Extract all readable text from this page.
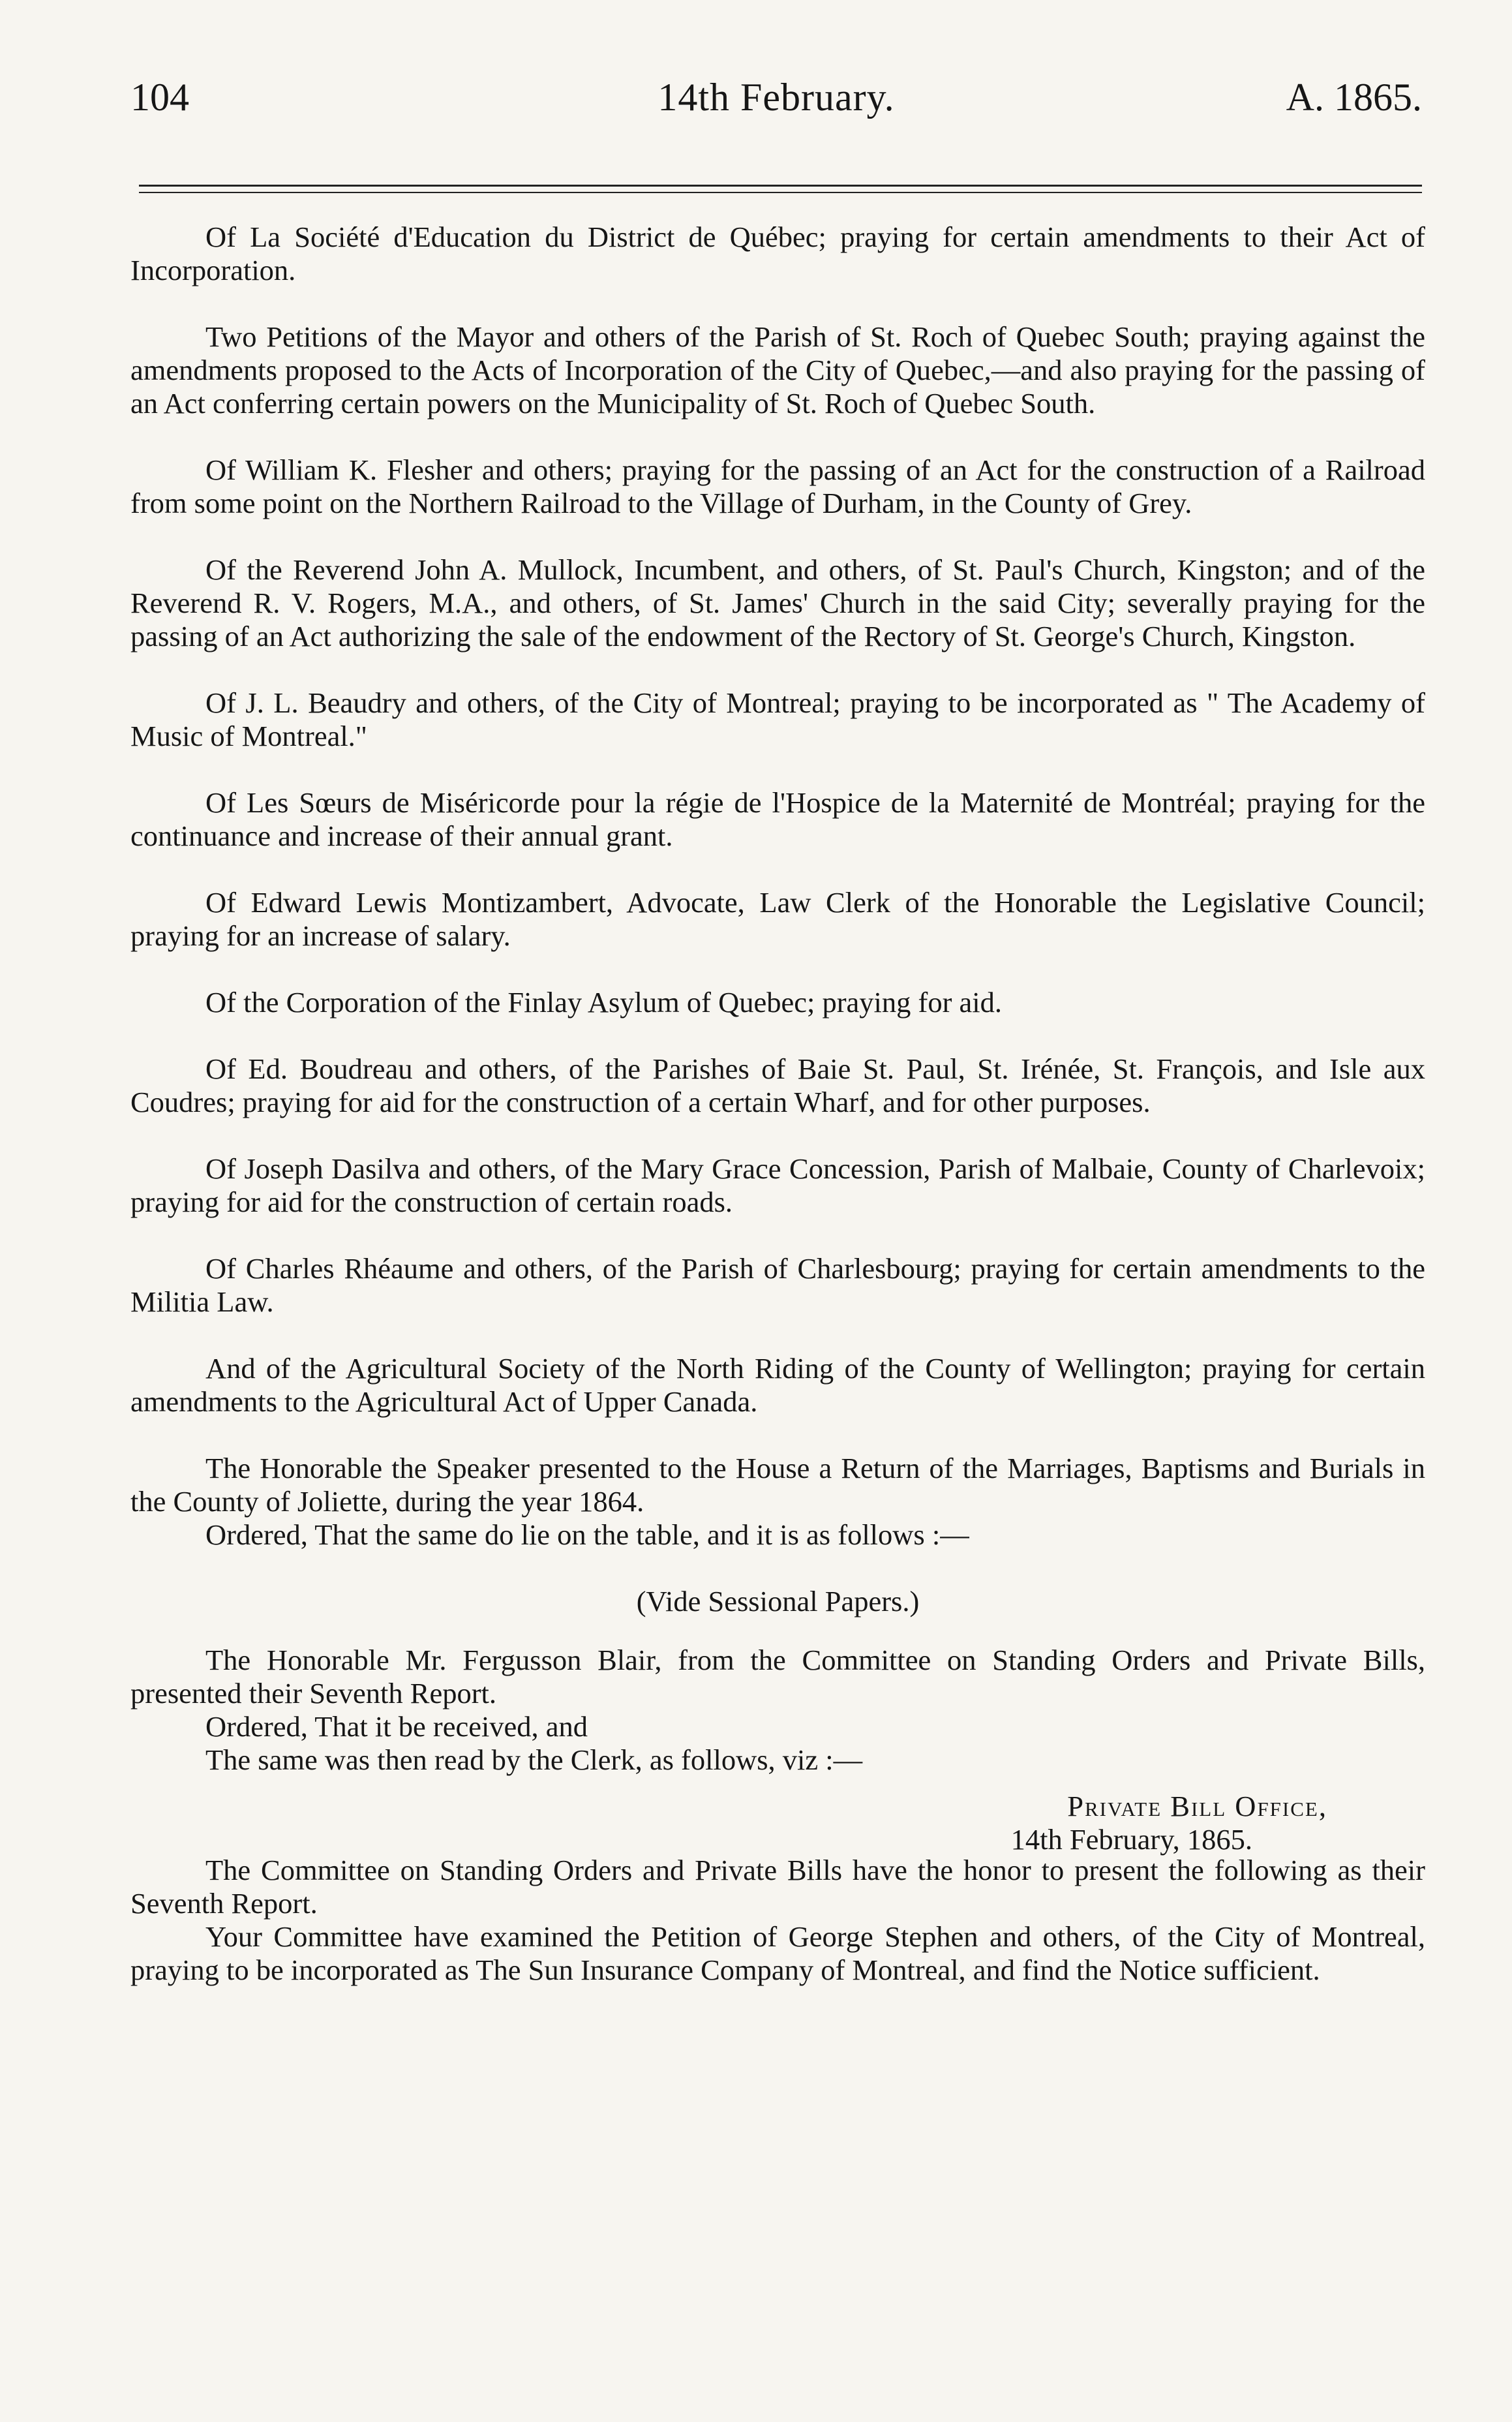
104	14th February.	A. 1865.

Of La Société d'Education du District de Québec; praying for certain amendments to their Act of Incorporation.

Two Petitions of the Mayor and others of the Parish of St. Roch of Quebec South; praying against the amendments proposed to the Acts of Incorporation of the City of Quebec,—and also praying for the passing of an Act conferring certain powers on the Municipality of St. Roch of Quebec South.

Of William K. Flesher and others; praying for the passing of an Act for the construction of a Railroad from some point on the Northern Railroad to the Village of Durham, in the County of Grey.

Of the Reverend John A. Mullock, Incumbent, and others, of St. Paul's Church, Kingston; and of the Reverend R. V. Rogers, M.A., and others, of St. James' Church in the said City; severally praying for the passing of an Act authorizing the sale of the endowment of the Rectory of St. George's Church, Kingston.

Of J. L. Beaudry and others, of the City of Montreal; praying to be incorporated as " The Academy of Music of Montreal."

Of Les Sœurs de Miséricorde pour la régie de l'Hospice de la Maternité de Montréal; praying for the continuance and increase of their annual grant.

Of Edward Lewis Montizambert, Advocate, Law Clerk of the Honorable the Legislative Council; praying for an increase of salary.

Of the Corporation of the Finlay Asylum of Quebec; praying for aid.

Of Ed. Boudreau and others, of the Parishes of Baie St. Paul, St. Irénée, St. François, and Isle aux Coudres; praying for aid for the construction of a certain Wharf, and for other purposes.

Of Joseph Dasilva and others, of the Mary Grace Concession, Parish of Malbaie, County of Charlevoix; praying for aid for the construction of certain roads.

Of Charles Rhéaume and others, of the Parish of Charlesbourg; praying for certain amendments to the Militia Law.

And of the Agricultural Society of the North Riding of the County of Wellington; praying for certain amendments to the Agricultural Act of Upper Canada.

The Honorable the Speaker presented to the House a Return of the Marriages, Baptisms and Burials in the County of Joliette, during the year 1864.

Ordered, That the same do lie on the table, and it is as follows :—

(Vide Sessional Papers.)

The Honorable Mr. Fergusson Blair, from the Committee on Standing Orders and Private Bills, presented their Seventh Report.

Ordered, That it be received, and

The same was then read by the Clerk, as follows, viz :—

Private Bill Office,
14th February, 1865.

The Committee on Standing Orders and Private Bills have the honor to present the following as their Seventh Report.

Your Committee have examined the Petition of George Stephen and others, of the City of Montreal, praying to be incorporated as The Sun Insurance Company of Montreal, and find the Notice sufficient.
